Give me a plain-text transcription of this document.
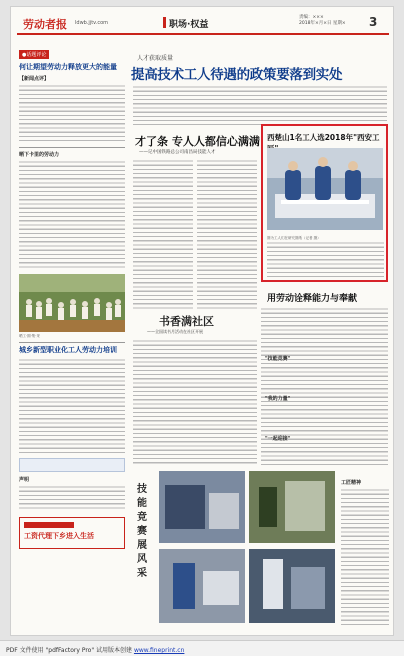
劳动者报 ldwb.jjtv.com	职场·权益
责编：×××
2018年×月×日 星期× 3
●话题评论
何让期望劳动力释放更大的能量
【新闻点评】
晒下卡里的劳动力
晒工·期·集·采
城乡新型职业化工人劳动力培训
声明
工资代理下乡进入生活
人才获取质量
提高技术工人待遇的政策要落到实处
才了条 专人人都信心满满
——记中国铁路总公司南昌局技能人才
西楚山1名工人选2018年"西安工
图为工人们在研究图纸（记者 摄）
用劳动诠释能力与奉献
书香满社区
——全国读书月活动在社区开展
技能竞赛展风采
工匠精神
"技能竞赛"
"我的力量"
"一起迎接"
PDF 文件使用 "pdfFactory Pro" 试用版本创建 www.fineprint.cn
